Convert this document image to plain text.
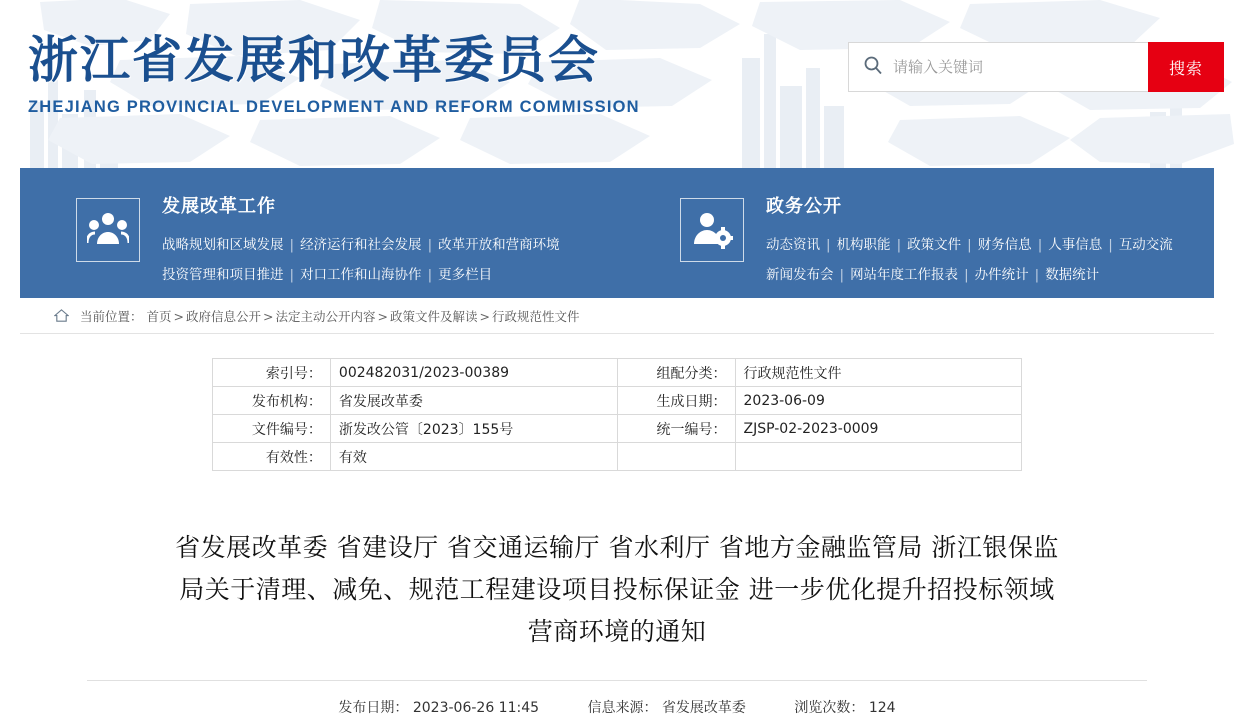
浙江省发展和改革委员会
ZHEJIANG PROVINCIAL DEVELOPMENT AND REFORM COMMISSION
请输入关键词
搜索
发展改革工作
战略规划和区域发展 | 经济运行和社会发展 | 改革开放和营商环境
投资管理和项目推进 | 对口工作和山海协作 | 更多栏目
政务公开
动态资讯 | 机构职能 | 政策文件 | 财务信息 | 人事信息 | 互动交流
新闻发布会 | 网站年度工作报表 | 办件统计 | 数据统计
当前位置： 首页 > 政府信息公开 > 法定主动公开内容 > 政策文件及解读 > 行政规范性文件
索引号：	002482031/2023-00389	组配分类：	行政规范性文件
发布机构：	省发展改革委	生成日期：	2023-06-09
文件编号：	浙发改公管〔2023〕155号	统一编号：	ZJSP-02-2023-0009
有效性：	有效		
省发展改革委 省建设厅 省交通运输厅 省水利厅 省地方金融监管局 浙江银保监局关于清理、减免、规范工程建设项目投标保证金 进一步优化提升招投标领域营商环境的通知
发布日期： 2023-06-26 11:45	信息来源： 省发展改革委	浏览次数： 124
